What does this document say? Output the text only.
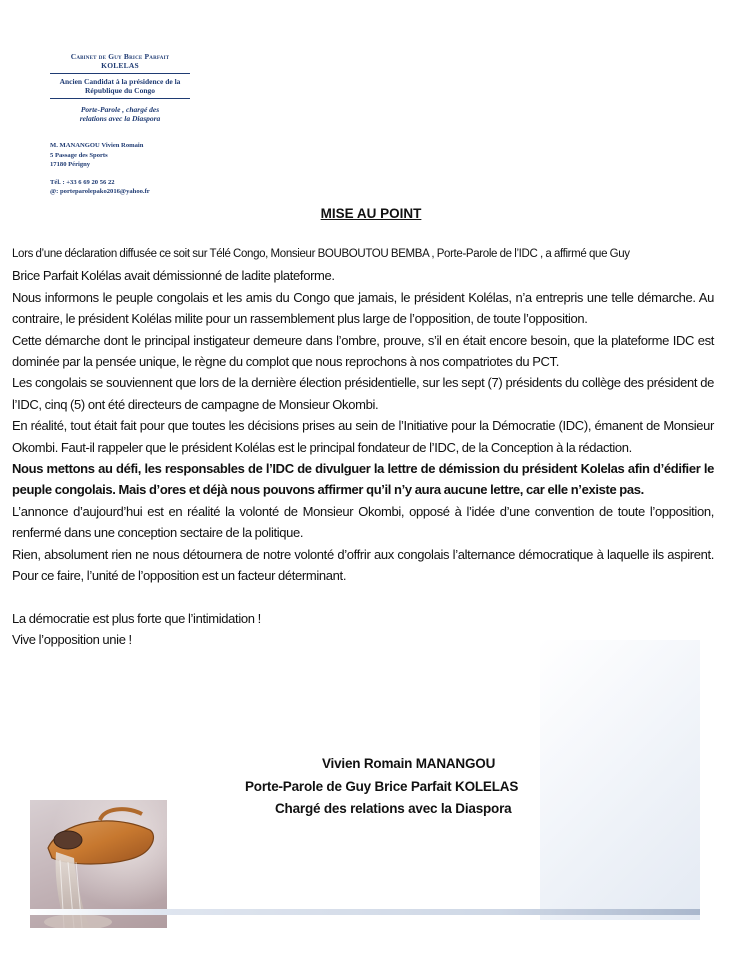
Cabinet de Guy Brice Parfait
KOLELAS
Ancien Candidat à la présidence de la
République du Congo
Porte-Parole , chargé des
relations avec la Diaspora
M. MANANGOU Vivien Romain
5 Passage des Sports
17180 Périgny
Tél. : +33 6 69 20 56 22
@: porteparolepako2016@yahoo.fr
MISE AU POINT

Lors d’une déclaration diffusée ce soit sur Télé Congo, Monsieur BOUBOUTOU BEMBA , Porte-Parole de l’IDC , a affirmé que Guy
Brice Parfait Kolélas avait démissionné de ladite plateforme.

Nous informons le peuple congolais et les amis du Congo que jamais, le président Kolélas, n’a entrepris une telle démarche. Au contraire, le président Kolélas milite pour un rassemblement plus large de l’opposition, de toute l’opposition.

Cette démarche dont le principal instigateur demeure dans l’ombre, prouve, s’il en était encore besoin, que la plateforme IDC est dominée par la pensée unique, le règne du complot que nous reprochons à nos compatriotes du PCT.

Les congolais se souviennent que lors de la dernière élection présidentielle, sur les sept (7) présidents du collège des président de l’IDC, cinq (5) ont été directeurs de campagne de Monsieur Okombi.

En réalité, tout était fait pour que toutes les décisions prises au sein de l’Initiative pour la Démocratie (IDC), émanent de Monsieur Okombi. Faut-il rappeler que le président Kolélas est le principal fondateur de l’IDC, de la Conception à la rédaction.

Nous mettons au défi, les responsables de l’IDC de divulguer la lettre de démission du président Kolelas afin d’édifier le peuple congolais. Mais d’ores et déjà nous pouvons affirmer qu’il n’y aura aucune lettre, car elle n’existe pas.

L’annonce d’aujourd’hui est en réalité la volonté de Monsieur Okombi, opposé à l’idée d’une convention de toute l’opposition, renfermé dans une conception sectaire de la politique.

Rien, absolument rien ne nous détournera de notre volonté d’offrir aux congolais l’alternance démocratique à laquelle ils aspirent. Pour ce faire, l’unité de l’opposition est un facteur déterminant.

La démocratie est plus forte que l’intimidation !

Vive l’opposition unie !

Vivien Romain MANANGOU
Porte-Parole de Guy Brice Parfait KOLELAS
Chargé des relations avec la Diaspora
